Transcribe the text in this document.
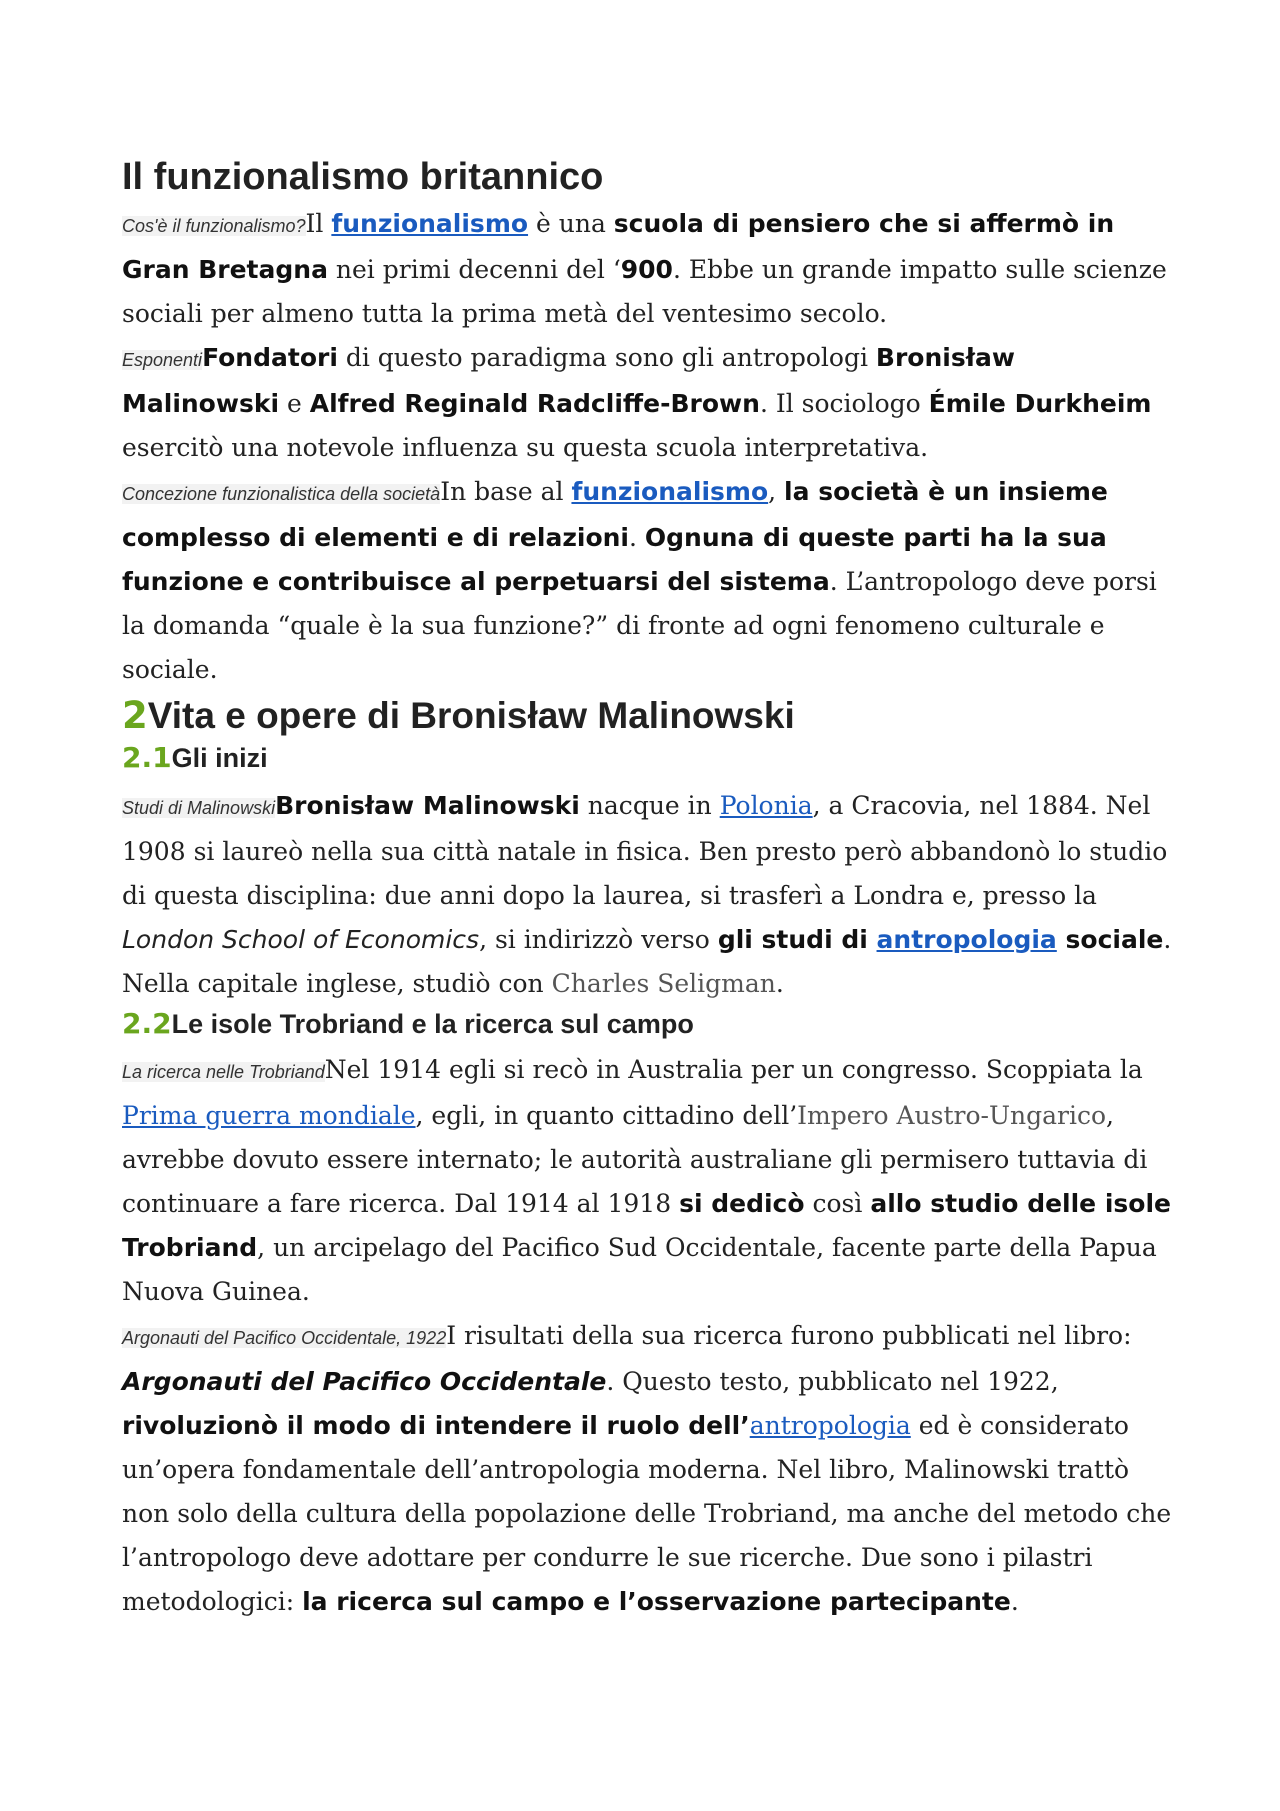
Il funzionalismo britannico

Cos'è il funzionalismo?Il funzionalismo è una scuola di pensiero che si affermò in Gran Bretagna nei primi decenni del ‘900. Ebbe un grande impatto sulle scienze sociali per almeno tutta la prima metà del ventesimo secolo.

EsponentiFondatori di questo paradigma sono gli antropologi Bronisław Malinowski e Alfred Reginald Radcliffe-Brown. Il sociologo Émile Durkheim esercitò una notevole influenza su questa scuola interpretativa.

Concezione funzionalistica della societàIn base al funzionalismo, la società è un insieme complesso di elementi e di relazioni. Ognuna di queste parti ha la sua funzione e contribuisce al perpetuarsi del sistema. L’antropologo deve porsi la domanda “quale è la sua funzione?” di fronte ad ogni fenomeno culturale e sociale.

2Vita e opere di Bronisław Malinowski
2.1Gli inizi

Studi di MalinowskiBronisław Malinowski nacque in Polonia, a Cracovia, nel 1884. Nel 1908 si laureò nella sua città natale in fisica. Ben presto però abbandonò lo studio di questa disciplina: due anni dopo la laurea, si trasferì a Londra e, presso la London School of Economics, si indirizzò verso gli studi di antropologia sociale. Nella capitale inglese, studiò con Charles Seligman.

2.2Le isole Trobriand e la ricerca sul campo

La ricerca nelle TrobriandNel 1914 egli si recò in Australia per un congresso. Scoppiata la Prima guerra mondiale, egli, in quanto cittadino dell’Impero Austro-Ungarico, avrebbe dovuto essere internato; le autorità australiane gli permisero tuttavia di continuare a fare ricerca. Dal 1914 al 1918 si dedicò così allo studio delle isole Trobriand, un arcipelago del Pacifico Sud Occidentale, facente parte della Papua Nuova Guinea.

Argonauti del Pacifico Occidentale, 1922I risultati della sua ricerca furono pubblicati nel libro: Argonauti del Pacifico Occidentale. Questo testo, pubblicato nel 1922, rivoluzionò il modo di intendere il ruolo dell’antropologia ed è considerato un’opera fondamentale dell’antropologia moderna. Nel libro, Malinowski trattò non solo della cultura della popolazione delle Trobriand, ma anche del metodo che l’antropologo deve adottare per condurre le sue ricerche. Due sono i pilastri metodologici: la ricerca sul campo e l’osservazione partecipante.
